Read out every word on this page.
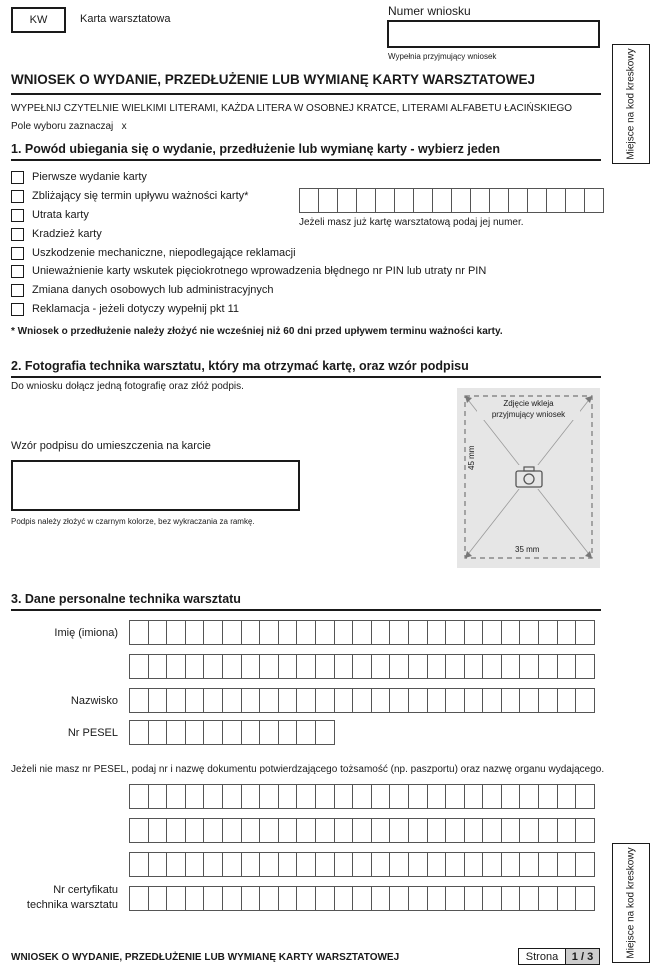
KW	Karta warsztatowa
Numer wniosku
Wypełnia przyjmujący wniosek	Miejsce na kod kreskowy
Miejsce na kod kreskowy
WNIOSEK O WYDANIE, PRZEDŁUŻENIE LUB WYMIANĘ KARTY WARSZTATOWEJ
WYPEŁNIJ CZYTELNIE WIELKIMI LITERAMI, KAŻDA LITERA W OSOBNEJ KRATCE, LITERAMI ALFABETU ŁACIŃSKIEGO
Pole wyboru zaznaczaj   x
1. Powód ubiegania się o wydanie, przedłużenie lub wymianę karty - wybierz jeden
Pierwsze wydanie karty
Zbliżający się termin upływu ważności karty*
Utrata karty
Kradzież karty
Uszkodzenie mechaniczne, niepodlegające reklamacji
Unieważnienie karty wskutek pięciokrotnego wprowadzenia błędnego nr PIN lub utraty nr PIN
Zmiana danych osobowych lub administracyjnych
Reklamacja - jeżeli dotyczy wypełnij pkt 11
Jeżeli masz już kartę warsztatową podaj jej numer.
* Wniosek o przedłużenie należy złożyć nie wcześniej niż 60 dni przed upływem terminu ważności karty.
2. Fotografia technika warsztatu, który ma otrzymać kartę, oraz wzór podpisu
Do wniosku dołącz jedną fotografię oraz złóż podpis.
Wzór podpisu do umieszczenia na karcie
Podpis należy złożyć w czarnym kolorze, bez wykraczania za ramkę.
Zdjęcie wkleja
przyjmujący wniosek
45 mm
35 mm
3. Dane personalne technika warsztatu
Imię (imiona)
Nazwisko
Nr PESEL
Jeżeli nie masz nr PESEL, podaj nr i nazwę dokumentu potwierdzającego tożsamość (np. paszportu) oraz nazwę organu wydającego.
Nr certyfikatu
technika warsztatu
WNIOSEK O WYDANIE, PRZEDŁUŻENIE LUB WYMIANĘ KARTY WARSZTATOWEJ	Strona	1 / 3
